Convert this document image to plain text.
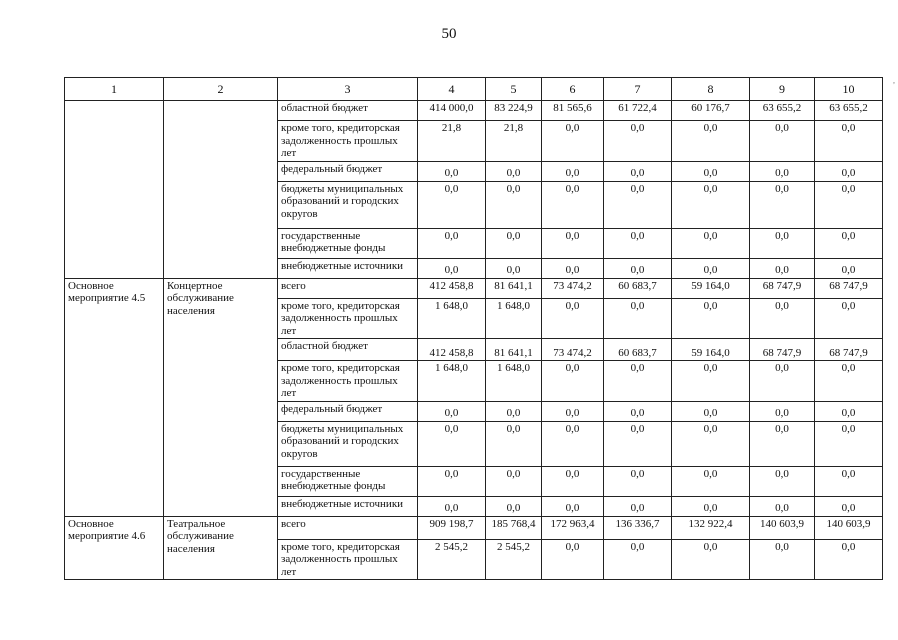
50
,
1	2	3	4	5	6	7	8	9	10
		областной бюджет	414 000,0	83 224,9	81 565,6	61 722,4	60 176,7	63 655,2	63 655,2
		кроме того, кредиторская задолженность прошлых лет	21,8	21,8	0,0	0,0	0,0	0,0	0,0
		федеральный бюджет	0,0	0,0	0,0	0,0	0,0	0,0	0,0
		бюджеты муниципальных образований и городских округов	0,0	0,0	0,0	0,0	0,0	0,0	0,0
		государственные внебюджетные фонды	0,0	0,0	0,0	0,0	0,0	0,0	0,0
		внебюджетные источники	0,0	0,0	0,0	0,0	0,0	0,0	0,0
Основное мероприятие 4.5	Концертное обслуживание населения	всего	412 458,8	81 641,1	73 474,2	60 683,7	59 164,0	68 747,9	68 747,9
		кроме того, кредиторская задолженность прошлых лет	1 648,0	1 648,0	0,0	0,0	0,0	0,0	0,0
		областной бюджет	412 458,8	81 641,1	73 474,2	60 683,7	59 164,0	68 747,9	68 747,9
		кроме того, кредиторская задолженность прошлых лет	1 648,0	1 648,0	0,0	0,0	0,0	0,0	0,0
		федеральный бюджет	0,0	0,0	0,0	0,0	0,0	0,0	0,0
		бюджеты муниципальных образований и городских округов	0,0	0,0	0,0	0,0	0,0	0,0	0,0
		государственные внебюджетные фонды	0,0	0,0	0,0	0,0	0,0	0,0	0,0
		внебюджетные источники	0,0	0,0	0,0	0,0	0,0	0,0	0,0
Основное мероприятие 4.6	Театральное обслуживание населения	всего	909 198,7	185 768,4	172 963,4	136 336,7	132 922,4	140 603,9	140 603,9
		кроме того, кредиторская задолженность прошлых лет	2 545,2	2 545,2	0,0	0,0	0,0	0,0	0,0
